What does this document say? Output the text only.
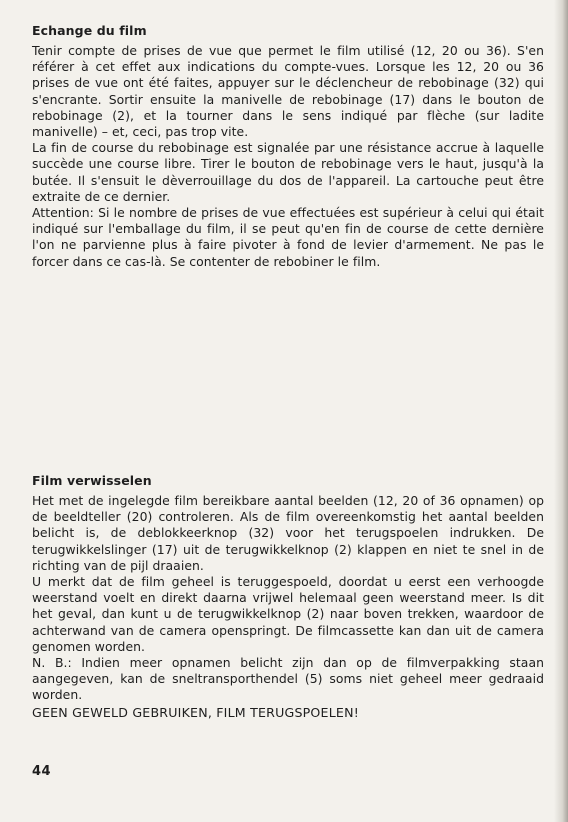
Echange du film

Tenir compte de prises de vue que permet le film utilisé (12, 20 ou 36). S'en référer à cet effet aux indications du compte-vues. Lorsque les 12, 20 ou 36 prises de vue ont été faites, appuyer sur le déclencheur de rebobinage (32) qui s'encrante. Sortir ensuite la manivelle de rebobinage (17) dans le bouton de rebobinage (2), et la tourner dans le sens indiqué par flèche (sur ladite manivelle) – et, ceci, pas trop vite.

La fin de course du rebobinage est signalée par une résistance accrue à laquelle succède une course libre. Tirer le bouton de rebobinage vers le haut, jusqu'à la butée. Il s'ensuit le dèverrouillage du dos de l'appareil. La cartouche peut être extraite de ce dernier.

Attention: Si le nombre de prises de vue effectuées est supérieur à celui qui était indiqué sur l'emballage du film, il se peut qu'en fin de course de cette dernière l'on ne parvienne plus à faire pivoter à fond de levier d'armement. Ne pas le forcer dans ce cas-là. Se contenter de rebobiner le film.

Film verwisselen

Het met de ingelegde film bereikbare aantal beelden (12, 20 of 36 opnamen) op de beeldteller (20) controleren. Als de film overeenkomstig het aantal beelden belicht is, de deblokkeerknop (32) voor het terugspoelen indrukken. De terugwikkelslinger (17) uit de terugwikkelknop (2) klappen en niet te snel in de richting van de pijl draaien.

U merkt dat de film geheel is teruggespoeld, doordat u eerst een verhoogde weerstand voelt en direkt daarna vrijwel helemaal geen weerstand meer. Is dit het geval, dan kunt u de terugwikkelknop (2) naar boven trekken, waardoor de achterwand van de camera openspringt. De filmcassette kan dan uit de camera genomen worden.

N. B.: Indien meer opnamen belicht zijn dan op de filmverpakking staan aangegeven, kan de sneltransporthendel (5) soms niet geheel meer gedraaid worden.

GEEN GEWELD GEBRUIKEN, FILM TERUGSPOELEN!

44
